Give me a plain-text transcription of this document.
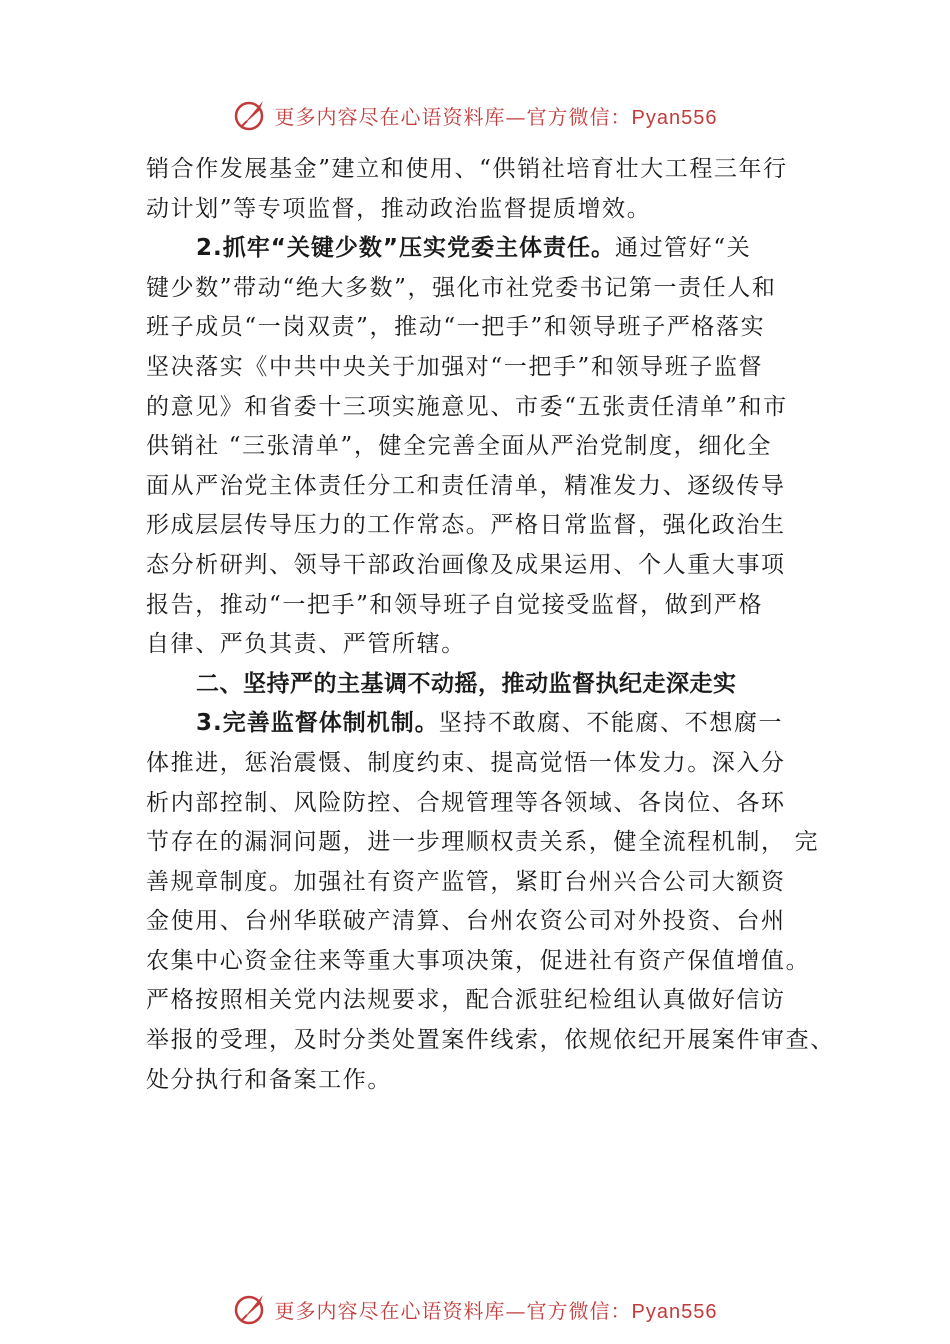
更多内容尽在心语资料库—官方微信：Pyan556
销合作发展基金”建立和使用、“供销社培育壮大工程三年行
动计划”等专项监督，推动政治监督提质增效。
2.抓牢“关键少数”压实党委主体责任。通过管好“关
键少数”带动“绝大多数”，强化市社党委书记第一责任人和
班子成员“一岗双责”，推动“一把手”和领导班子严格落实
坚决落实《中共中央关于加强对“一把手”和领导班子监督
的意见》和省委十三项实施意见、市委“五张责任清单”和市
供销社 “三张清单”，健全完善全面从严治党制度，细化全
面从严治党主体责任分工和责任清单，精准发力、逐级传导
形成层层传导压力的工作常态。严格日常监督，强化政治生
态分析研判、领导干部政治画像及成果运用、个人重大事项
报告，推动“一把手”和领导班子自觉接受监督，做到严格
自律、严负其责、严管所辖。
二、坚持严的主基调不动摇，推动监督执纪走深走实
3.完善监督体制机制。坚持不敢腐、不能腐、不想腐一
体推进，惩治震慑、制度约束、提高觉悟一体发力。深入分
析内部控制、风险防控、合规管理等各领域、各岗位、各环
节存在的漏洞问题，进一步理顺权责关系，健全流程机制， 完
善规章制度。加强社有资产监管，紧盯台州兴合公司大额资
金使用、台州华联破产清算、台州农资公司对外投资、台州
农集中心资金往来等重大事项决策，促进社有资产保值增值。
严格按照相关党内法规要求，配合派驻纪检组认真做好信访
举报的受理，及时分类处置案件线索，依规依纪开展案件审查、
处分执行和备案工作。
更多内容尽在心语资料库—官方微信：Pyan556
